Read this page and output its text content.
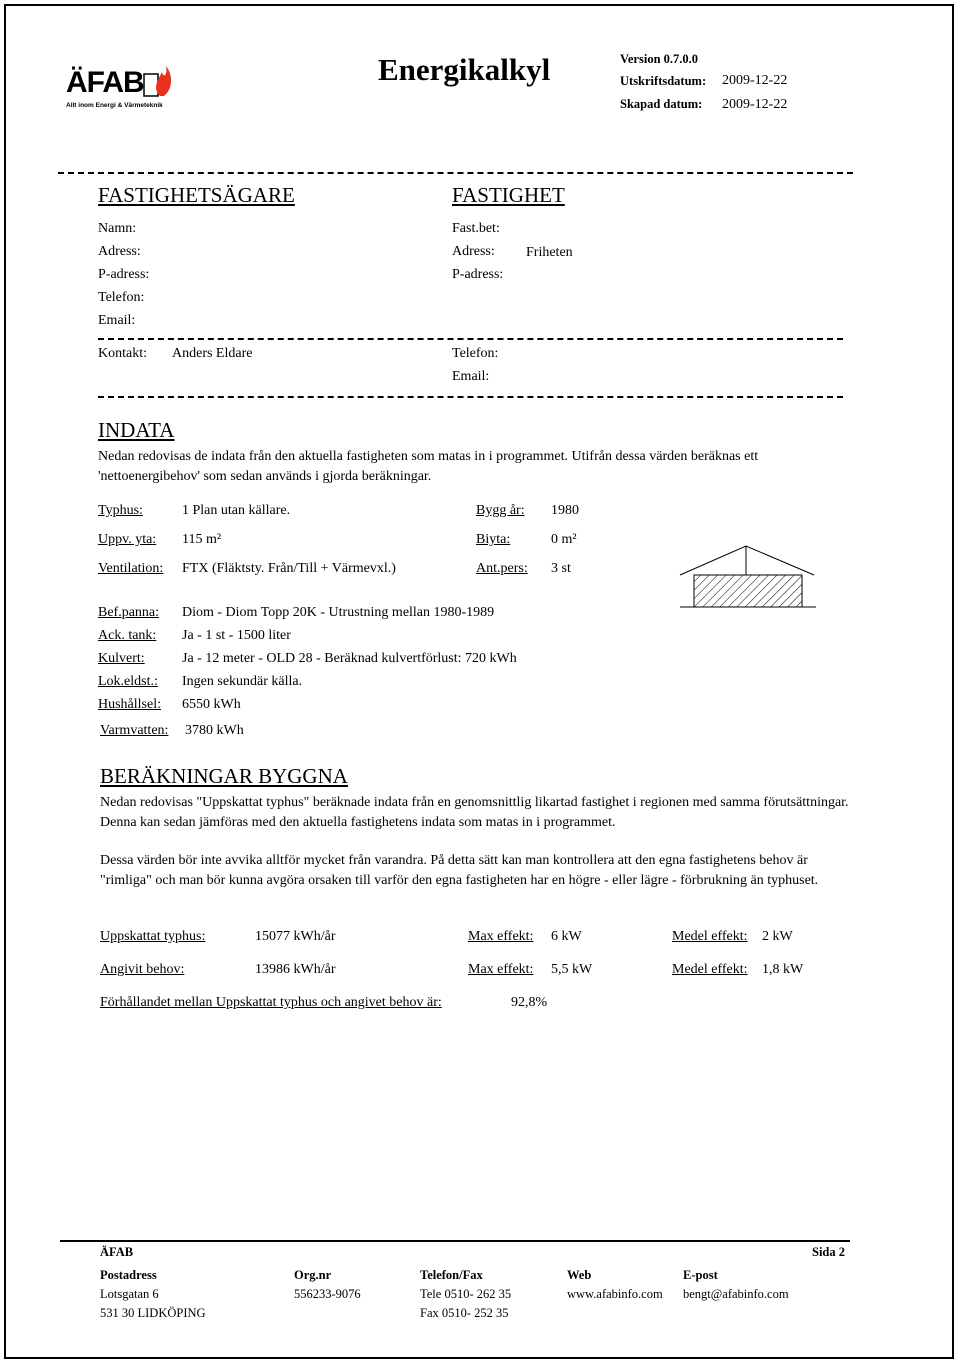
ÄFAB
Allt inom Energi & Värmeteknik
Energikalkyl	Version 0.7.0.0
Utskriftsdatum: 2009-12-22
Skapad datum: 2009-12-22
FASTIGHETSÄGARE	FASTIGHET
Namn:
Adress:
P-adress:
Telefon:
Email:
Fast.bet:
Adress: Friheten
P-adress:
Kontakt: Anders Eldare	Telefon:
Email:
INDATA
Nedan redovisas de indata från den aktuella fastigheten som matas in i programmet. Utifrån dessa värden beräknas ett 'nettoenergibehov' som sedan används i gjorda beräkningar.
Typhus:	1 Plan utan källare.	Bygg år: 1980
Uppv. yta: 115 m²	Biyta:	0 m²
Ventilation: FTX (Fläktsty. Från/Till + Värmevxl.)	Ant.pers: 3 st
Bef.panna: Diom - Diom Topp 20K - Utrustning mellan 1980-1989
Ack. tank: Ja - 1 st - 1500 liter
Kulvert:	Ja - 12 meter - OLD 28 - Beräknad kulvertförlust: 720 kWh
Lok.eldst.: Ingen sekundär källa.
Hushållsel: 6550 kWh
Varmvatten: 3780 kWh
BERÄKNINGAR BYGGNA
Nedan redovisas "Uppskattat typhus" beräknade indata från en genomsnittlig likartad fastighet i regionen med samma förutsättningar. Denna kan sedan jämföras med den aktuella fastighetens indata som matas in i programmet.
Dessa värden bör inte avvika alltför mycket från varandra. På detta sätt kan man kontrollera att den egna fastighetens behov är "rimliga" och man bör kunna avgöra orsaken till varför den egna fastigheten har en högre - eller lägre - förbrukning än typhuset.
Uppskattat typhus:	15077 kWh/år	Max effekt: 6 kW	Medel effekt: 2 kW
Angivit behov:	13986 kWh/år	Max effekt: 5,5 kW	Medel effekt: 1,8 kW
Förhållandet mellan Uppskattat typhus och angivet behov är:	92,8%
ÄFAB	Sida 2
Postadress
Lotsgatan 6
531 30 LIDKÖPING
Org.nr
556233-9076
Telefon/Fax
Tele 0510- 262 35
Fax 0510- 252 35
Web
www.afabinfo.com
E-post
bengt@afabinfo.com
